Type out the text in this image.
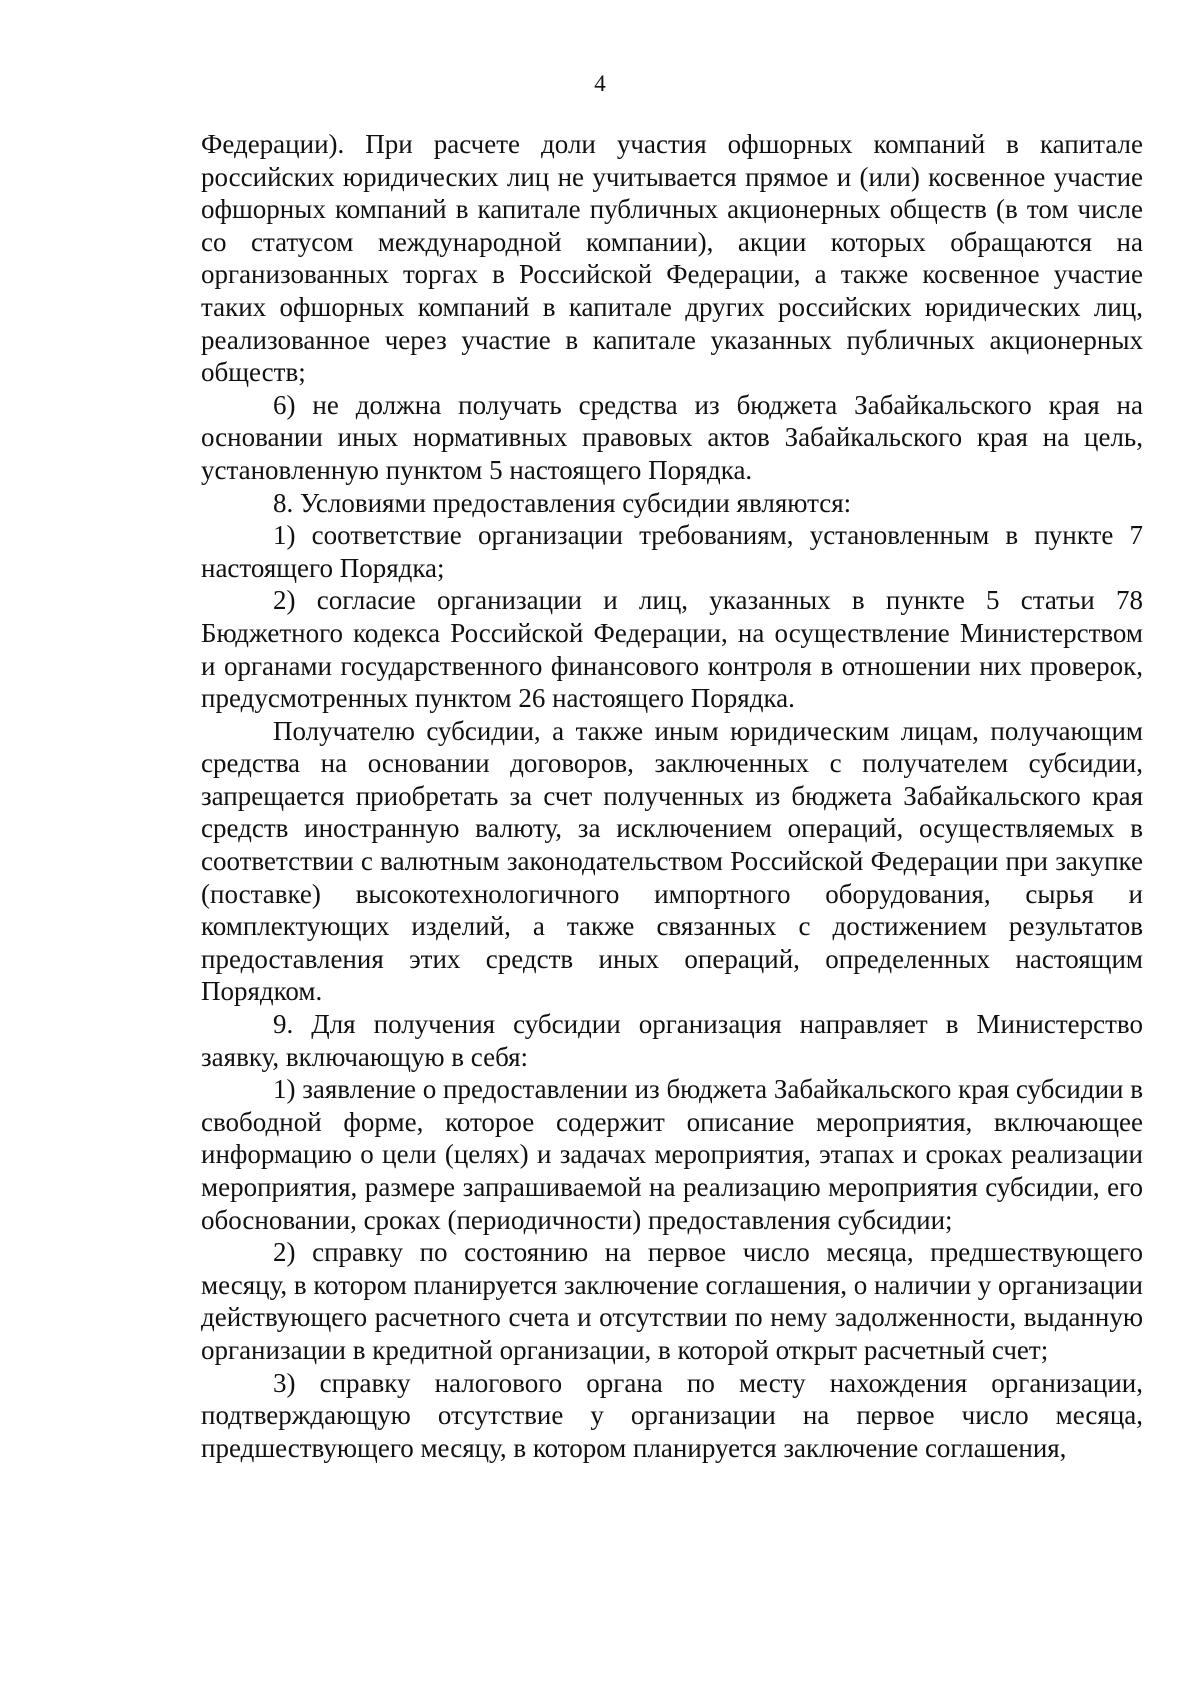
4

Федерации). При расчете доли участия офшорных компаний в капитале российских юридических лиц не учитывается прямое и (или) косвенное участие офшорных компаний в капитале публичных акционерных обществ (в том числе со статусом международной компании), акции которых обращаются на организованных торгах в Российской Федерации, а также косвенное участие таких офшорных компаний в капитале других российских юридических лиц, реализованное через участие в капитале указанных публичных акционерных обществ;

6) не должна получать средства из бюджета Забайкальского края на основании иных нормативных правовых актов Забайкальского края на цель, установленную пунктом 5 настоящего Порядка.

8. Условиями предоставления субсидии являются:

1) соответствие организации требованиям, установленным в пункте 7 настоящего Порядка;

2) согласие организации и лиц, указанных в пункте 5 статьи 78 Бюджетного кодекса Российской Федерации, на осуществление Министерством и органами государственного финансового контроля в отношении них проверок, предусмотренных пунктом 26 настоящего Порядка.

Получателю субсидии, а также иным юридическим лицам, получающим средства на основании договоров, заключенных с получателем субсидии, запрещается приобретать за счет полученных из бюджета Забайкальского края средств иностранную валюту, за исключением операций, осуществляемых в соответствии с валютным законодательством Российской Федерации при закупке (поставке) высокотехнологичного импортного оборудования, сырья и комплектующих изделий, а также связанных с достижением результатов предоставления этих средств иных операций, определенных настоящим Порядком.

9. Для получения субсидии организация направляет в Министерство заявку, включающую в себя:

1) заявление о предоставлении из бюджета Забайкальского края субсидии в свободной форме, которое содержит описание мероприятия, включающее информацию о цели (целях) и задачах мероприятия, этапах и сроках реализации мероприятия, размере запрашиваемой на реализацию мероприятия субсидии, его обосновании, сроках (периодичности) предоставления субсидии;

2) справку по состоянию на первое число месяца, предшествующего месяцу, в котором планируется заключение соглашения, о наличии у организации действующего расчетного счета и отсутствии по нему задолженности, выданную организации в кредитной организации, в которой открыт расчетный счет;

3) справку налогового органа по месту нахождения организации, подтверждающую отсутствие у организации на первое число месяца, предшествующего месяцу, в котором планируется заключение соглашения,
